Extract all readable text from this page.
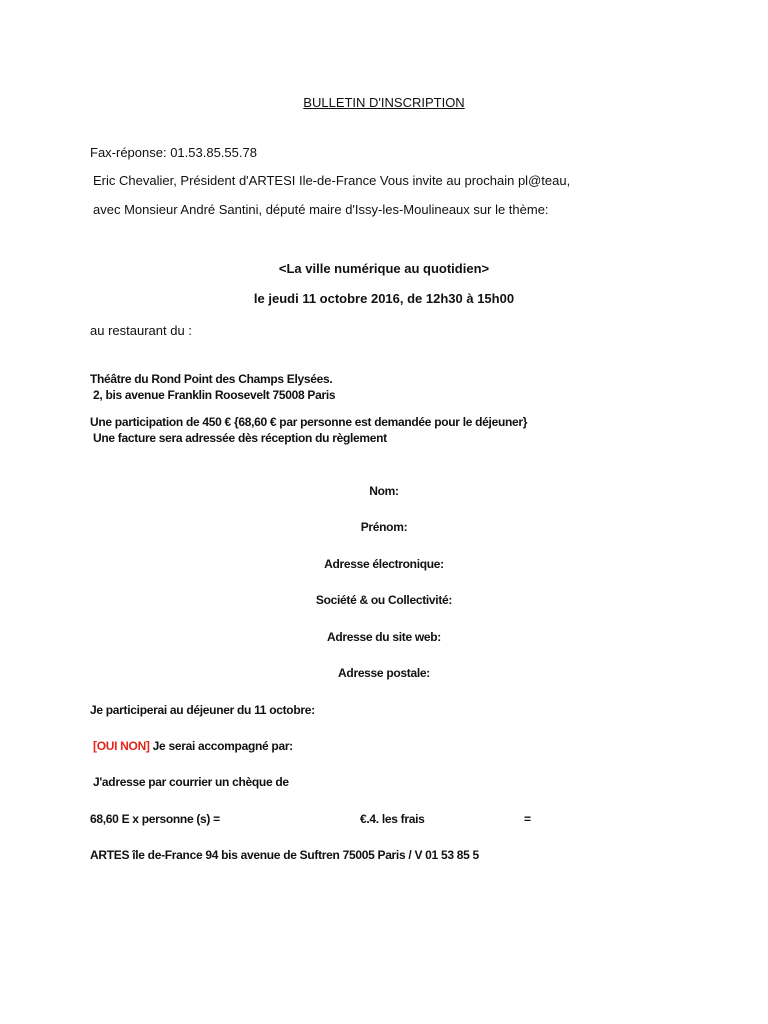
BULLETIN D'INSCRIPTION

Fax-réponse: 01.53.85.55.78

Eric Chevalier, Président d'ARTESI Ile-de-France Vous invite au prochain pl@teau,

avec Monsieur André Santini, député maire d'Issy-les-Moulineaux sur le thème:

<La ville numérique au quotidien>

le jeudi 11 octobre 2016, de 12h30 à 15h00

au restaurant du :

Théâtre du Rond Point des Champs Elysées.

2, bis avenue Franklin Roosevelt 75008 Paris

Une participation de 450 € {68,60 € par personne est demandée pour le déjeuner}

Une facture sera adressée dès réception du règlement

Nom:

Prénom:

Adresse électronique:

Société & ou Collectivité:

Adresse du site web:

Adresse postale:

Je participerai au déjeuner du 11 octobre:

[OUI NON] Je serai accompagné par:

J'adresse par courrier un chèque de

68,60 E x personne (s) =	€.4. les frais	=

ARTES île de-France 94 bis avenue de Suftren 75005 Paris / V 01 53 85 5
